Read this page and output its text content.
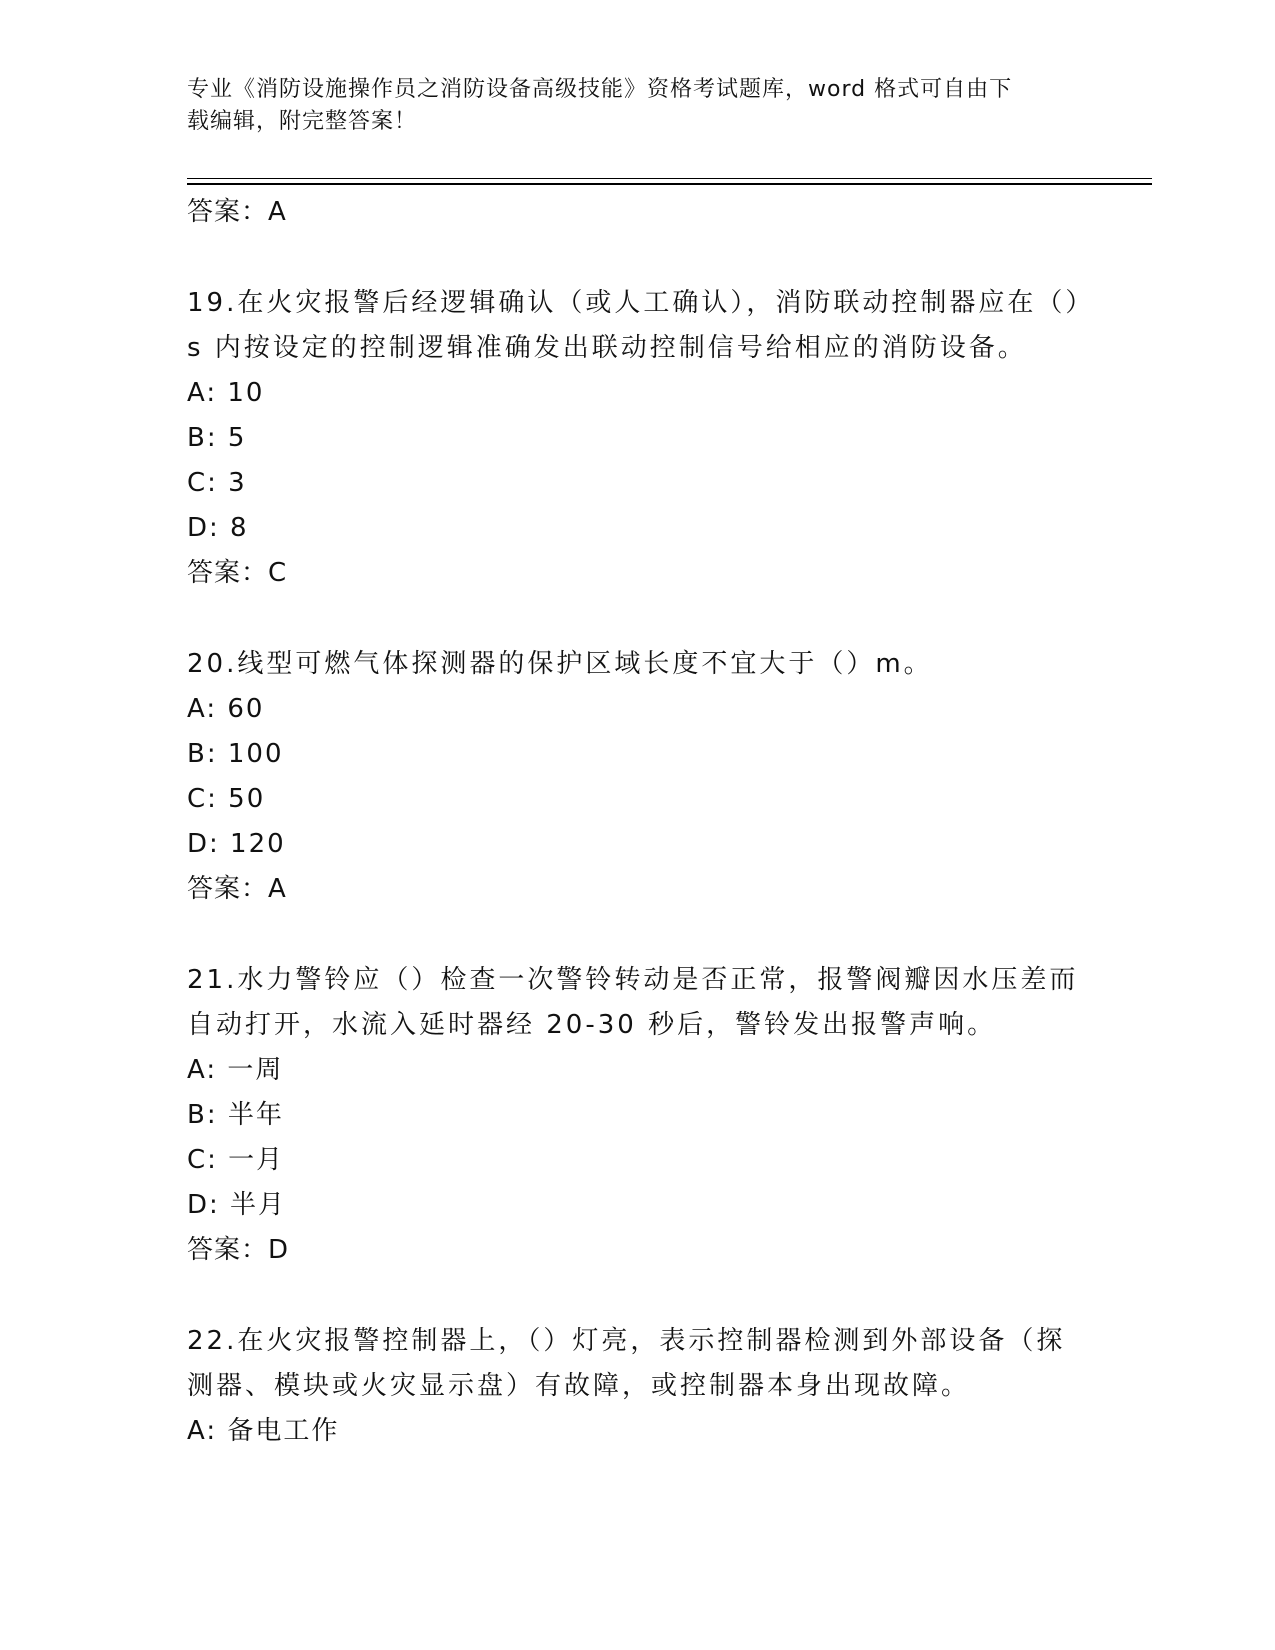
专业《消防设施操作员之消防设备高级技能》资格考试题库，word 格式可自由下
载编辑，附完整答案！
答案：A
19.在火灾报警后经逻辑确认（或人工确认），消防联动控制器应在（）s 内按设定的控制逻辑准确发出联动控制信号给相应的消防设备。
A: 10
B: 5
C: 3
D: 8
答案：C
20.线型可燃气体探测器的保护区域长度不宜大于（）m。
A: 60
B: 100
C: 50
D: 120
答案：A
21.水力警铃应（）检查一次警铃转动是否正常，报警阀瓣因水压差而自动打开，水流入延时器经 20-30 秒后，警铃发出报警声响。
A: 一周
B: 半年
C: 一月
D: 半月
答案：D
22.在火灾报警控制器上，（）灯亮，表示控制器检测到外部设备（探测器、模块或火灾显示盘）有故障，或控制器本身出现故障。
A: 备电工作
